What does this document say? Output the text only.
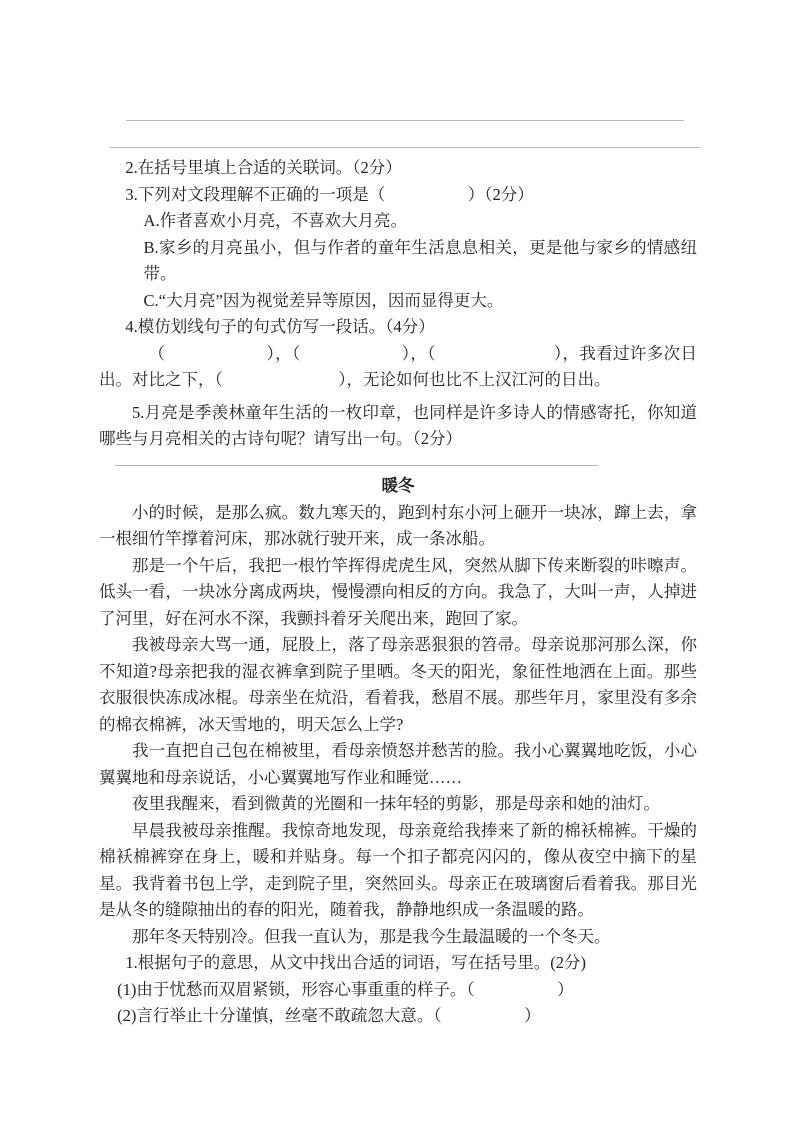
2.在括号里填上合适的关联词。（2分）

3.下列对文段理解不正确的一项是（　　　　　）（2分）

A.作者喜欢小月亮，不喜欢大月亮。

B.家乡的月亮虽小，但与作者的童年生活息息相关，更是他与家乡的情感纽带。

C.“大月亮”因为视觉差异等原因，因而显得更大。

4.模仿划线句子的句式仿写一段话。（4分）

（　　　　　　），（　　　　　　），（　　　　　　　），我看过许多次日出。对比之下，（　　　　　　　），无论如何也比不上汉江河的日出。

5.月亮是季羡林童年生活的一枚印章，也同样是许多诗人的情感寄托，你知道哪些与月亮相关的古诗句呢？请写出一句。（2分）

暖冬

小的时候，是那么疯。数九寒天的，跑到村东小河上砸开一块冰，蹿上去，拿一根细竹竿撑着河床，那冰就行驶开来，成一条冰船。

那是一个午后，我把一根竹竿挥得虎虎生风，突然从脚下传来断裂的咔嚓声。低头一看，一块冰分离成两块，慢慢漂向相反的方向。我急了，大叫一声，人掉进了河里，好在河水不深，我颤抖着牙关爬出来，跑回了家。

我被母亲大骂一通，屁股上，落了母亲恶狠狠的笤帚。母亲说那河那么深，你不知道?母亲把我的湿衣裤拿到院子里晒。冬天的阳光，象征性地洒在上面。那些衣服很快冻成冰棍。母亲坐在炕沿，看着我，愁眉不展。那些年月，家里没有多余的棉衣棉裤，冰天雪地的，明天怎么上学?

我一直把自己包在棉被里，看母亲愤怒并愁苦的脸。我小心翼翼地吃饭，小心翼翼地和母亲说话，小心翼翼地写作业和睡觉……

夜里我醒来，看到微黄的光圈和一抹年轻的剪影，那是母亲和她的油灯。

早晨我被母亲推醒。我惊奇地发现，母亲竟给我捧来了新的棉袄棉裤。干燥的棉袄棉裤穿在身上，暖和并贴身。每一个扣子都亮闪闪的，像从夜空中摘下的星星。我背着书包上学，走到院子里，突然回头。母亲正在玻璃窗后看着我。那目光是从冬的缝隙抽出的春的阳光，随着我，静静地织成一条温暖的路。

那年冬天特别冷。但我一直认为，那是我今生最温暖的一个冬天。

1.根据句子的意思，从文中找出合适的词语，写在括号里。(2分)

(1)由于忧愁而双眉紧锁，形容心事重重的样子。（　　　　　）

(2)言行举止十分谨慎，丝毫不敢疏忽大意。（　　　　　）
